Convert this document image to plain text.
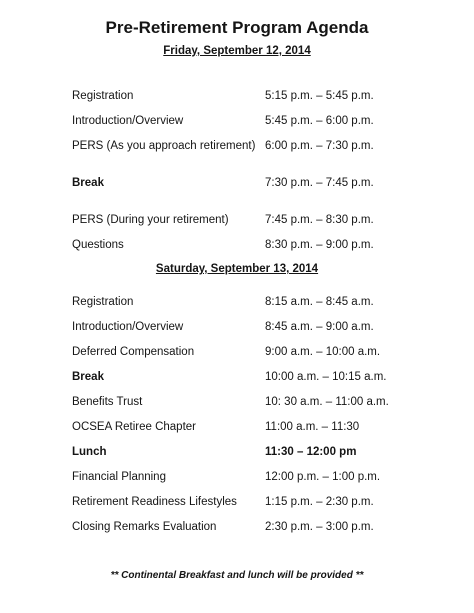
Pre-Retirement Program Agenda
Friday, September 12, 2014
Registration	5:15 p.m. – 5:45 p.m.
Introduction/Overview	5:45 p.m. – 6:00 p.m.
PERS (As you approach retirement) 6:00 p.m. – 7:30 p.m.
Break	7:30 p.m. – 7:45 p.m.
PERS (During your retirement)	7:45 p.m. – 8:30 p.m.
Questions	8:30 p.m. – 9:00 p.m.
Saturday, September 13, 2014
Registration	8:15 a.m. – 8:45 a.m.
Introduction/Overview	8:45 a.m. – 9:00 a.m.
Deferred Compensation	9:00 a.m. – 10:00 a.m.
Break	10:00 a.m. – 10:15 a.m.
Benefits Trust	10: 30 a.m. – 11:00 a.m.
OCSEA Retiree Chapter	11:00 a.m. – 11:30
Lunch	11:30 – 12:00 pm
Financial Planning	12:00 p.m. – 1:00 p.m.
Retirement Readiness Lifestyles 1:15 p.m. – 2:30 p.m.
Closing Remarks Evaluation	2:30 p.m. – 3:00 p.m.
** Continental Breakfast and lunch will be provided **
